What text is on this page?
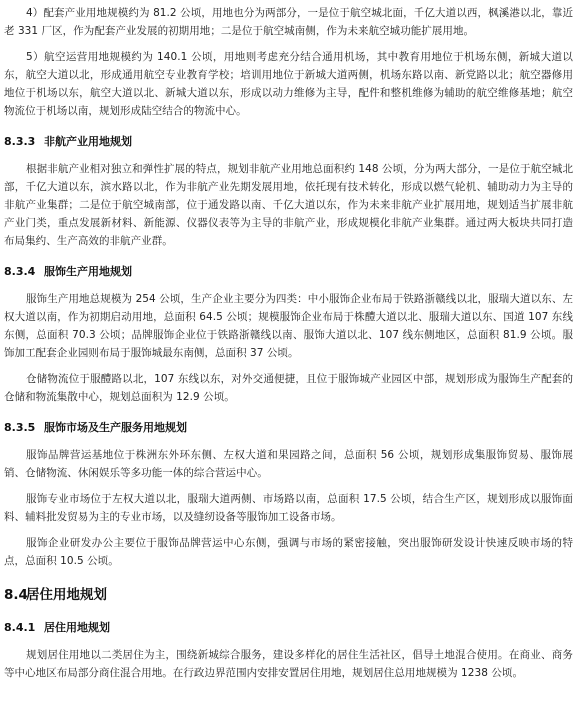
4）配套产业用地规模约为 81.2 公顷，用地也分为两部分，一是位于航空城北面，千亿大道以西，枫溪港以北，靠近老 331 厂区，作为配套产业发展的初期用地；二是位于航空城南侧，作为未来航空城功能扩展用地。

5）航空运营用地规模约为 140.1 公顷，用地则考虑充分结合通用机场，其中教育用地位于机场东侧，新城大道以东，航空大道以北，形成通用航空专业教育学校；培训用地位于新城大道两侧，机场东路以南、新党路以北；航空器修用地位于机场以东，航空大道以北、新城大道以东，形成以动力维修为主导，配件和整机维修为辅助的航空维修基地；航空物流位于机场以南，规划形成陆空结合的物流中心。

8.3.3 非航产业用地规划

根据非航产业相对独立和弹性扩展的特点，规划非航产业用地总面积约 148 公顷，分为两大部分，一是位于航空城北部，千亿大道以东，滨水路以北，作为非航产业先期发展用地，依托现有技术转化，形成以燃气轮机、辅助动力为主导的非航产业集群；二是位于航空城南部，位于通发路以南、千亿大道以东，作为未来非航产业扩展用地，规划适当扩展非航产业门类，重点发展新材料、新能源、仪器仪表等为主导的非航产业，形成规模化非航产业集群。通过两大板块共同打造布局集约、生产高效的非航产业群。

8.3.4 服饰生产用地规划

服饰生产用地总规模为 254 公顷，生产企业主要分为四类：中小服饰企业布局于铁路浙赣线以北，服瑞大道以东、左权大道以南，作为初期启动用地，总面积 64.5 公顷；规模服饰企业布局于株醴大道以北、服瑞大道以东、国道 107 东线东侧，总面积 70.3 公顷；品牌服饰企业位于铁路浙赣线以南、服饰大道以北、107 线东侧地区，总面积 81.9 公顷。服饰加工配套企业园则布局于服饰城最东南侧，总面积 37 公顷。

仓储物流位于服醴路以北，107 东线以东，对外交通便捷，且位于服饰城产业园区中部，规划形成为服饰生产配套的仓储和物流集散中心，规划总面积为 12.9 公顷。

8.3.5 服饰市场及生产服务用地规划

服饰品牌营运基地位于株洲东外环东侧、左权大道和果园路之间，总面积 56 公顷，规划形成集服饰贸易、服饰展销、仓储物流、休闲娱乐等多功能一体的综合营运中心。

服饰专业市场位于左权大道以北，服瑞大道两侧、市场路以南，总面积 17.5 公顷，结合生产区，规划形成以服饰面料、辅料批发贸易为主的专业市场，以及缝纫设备等服饰加工设备市场。

服饰企业研发办公主要位于服饰品牌营运中心东侧，强调与市场的紧密接触，突出服饰研发设计快速反映市场的特点，总面积 10.5 公顷。

8.4居住用地规划
8.4.1 居住用地规划

规划居住用地以二类居住为主，围绕新城综合服务，建设多样化的居住生活社区，倡导土地混合使用。在商业、商务等中心地区布局部分商住混合用地。在行政边界范围内安排安置居住用地，规划居住总用地规模为 1238 公顷。
